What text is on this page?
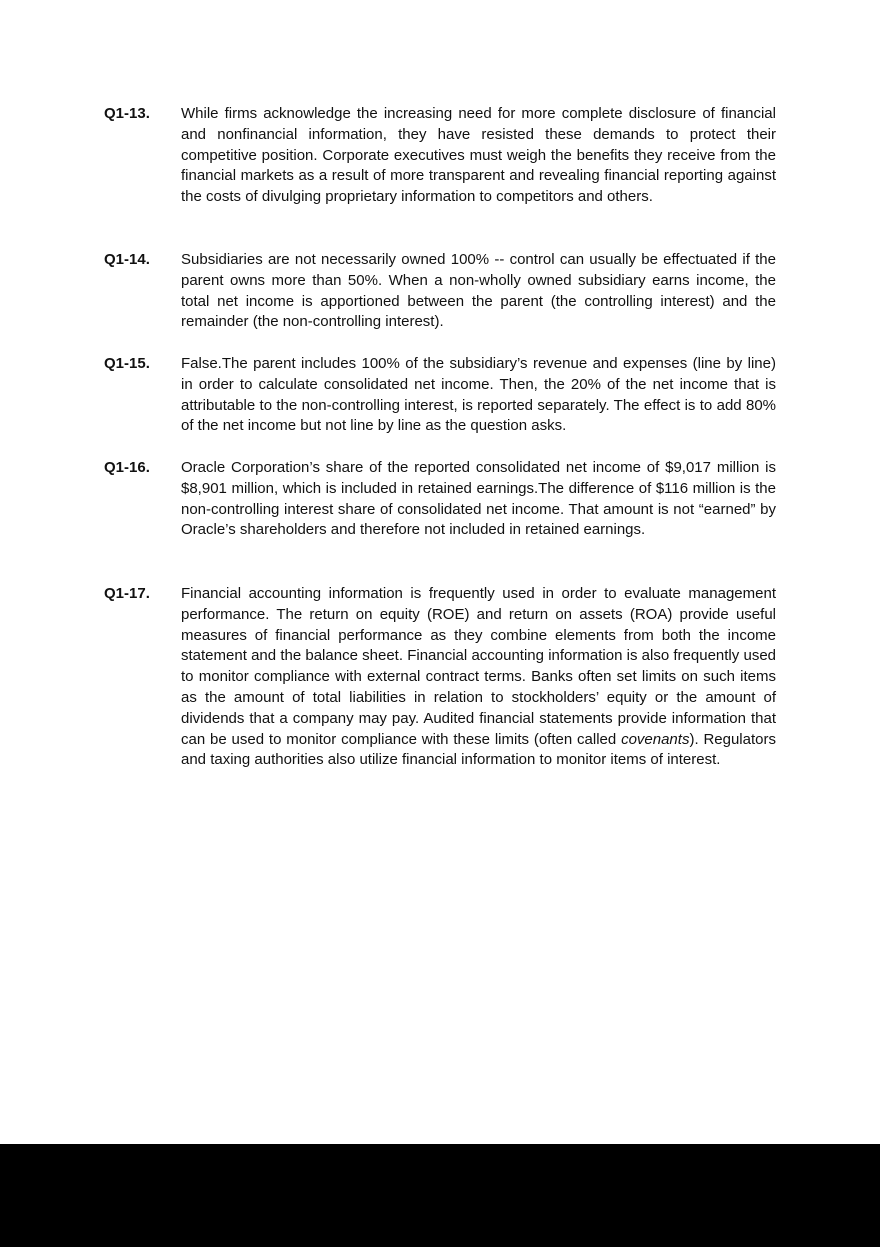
Q1-13. While firms acknowledge the increasing need for more complete disclosure of financial and nonfinancial information, they have resisted these demands to protect their competitive position. Corporate executives must weigh the benefits they receive from the financial markets as a result of more transparent and revealing financial reporting against the costs of divulging proprietary information to competitors and others.
Q1-14. Subsidiaries are not necessarily owned 100% -- control can usually be effectuated if the parent owns more than 50%. When a non-wholly owned subsidiary earns income, the total net income is apportioned between the parent (the controlling interest) and the remainder (the non-controlling interest).
Q1-15. False.The parent includes 100% of the subsidiary’s revenue and expenses (line by line) in order to calculate consolidated net income. Then, the 20% of the net income that is attributable to the non-controlling interest, is reported separately. The effect is to add 80% of the net income but not line by line as the question asks.
Q1-16. Oracle Corporation’s share of the reported consolidated net income of $9,017 million is $8,901 million, which is included in retained earnings.The difference of $116 million is the non-controlling interest share of consolidated net income. That amount is not “earned” by Oracle’s shareholders and therefore not included in retained earnings.
Q1-17. Financial accounting information is frequently used in order to evaluate management performance. The return on equity (ROE) and return on assets (ROA) provide useful measures of financial performance as they combine elements from both the income statement and the balance sheet. Financial accounting information is also frequently used to monitor compliance with external contract terms. Banks often set limits on such items as the amount of total liabilities in relation to stockholders’ equity or the amount of dividends that a company may pay. Audited financial statements provide information that can be used to monitor compliance with these limits (often called covenants). Regulators and taxing authorities also utilize financial information to monitor items of interest.
